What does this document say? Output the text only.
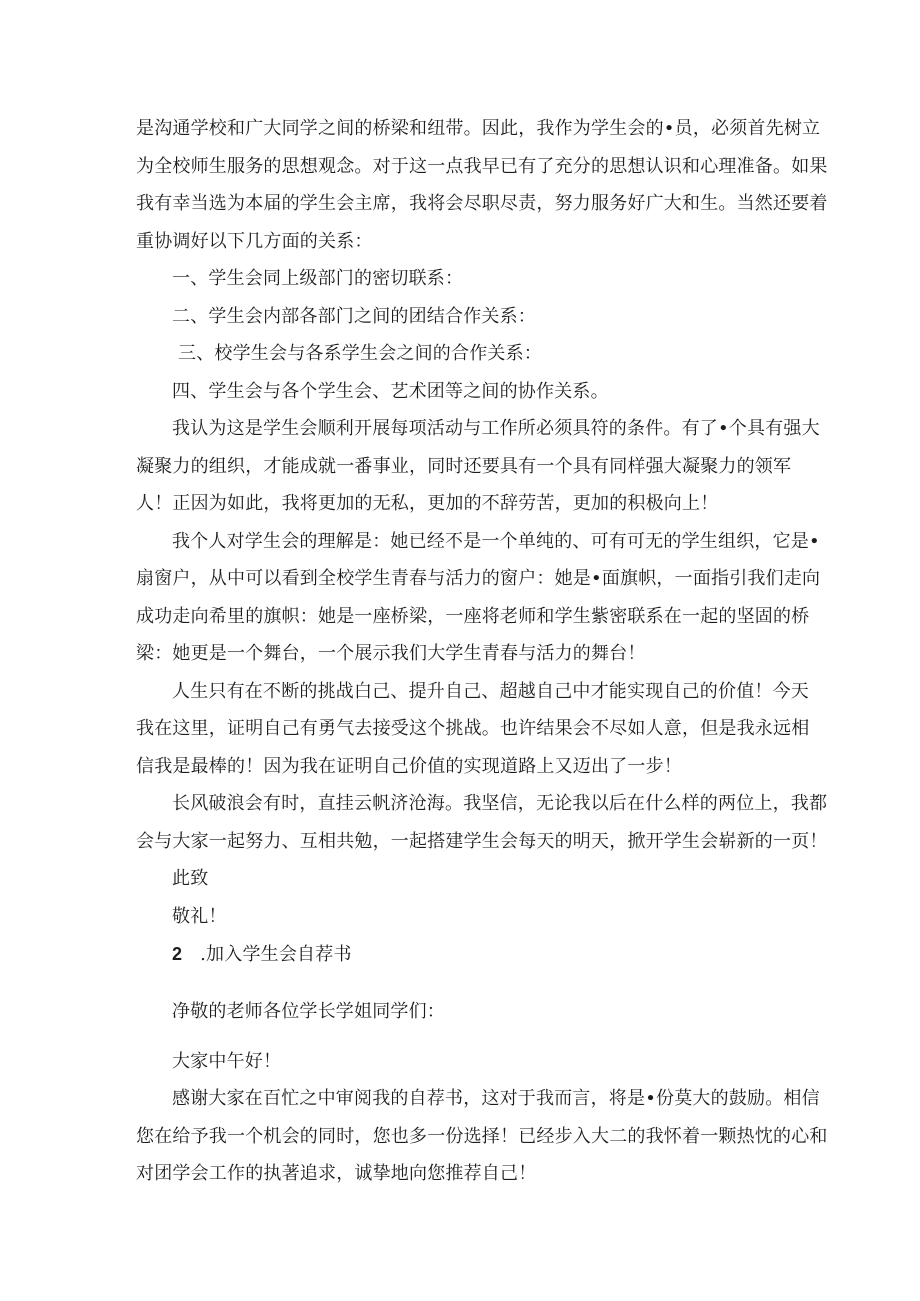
是沟通学校和广大同学之间的桥梁和纽带。因此，我作为学生会的•员，必须首先树立
为全校师生服务的思想观念。对于这一点我早已有了充分的思想认识和心理准备。如果
我有幸当选为本届的学生会主席，我将会尽职尽责，努力服务好广大和生。当然还要着
重协调好以下几方面的关系：
一、学生会同上级部门的密切联系：
二、学生会内部各部门之间的团结合作关系：
三、校学生会与各系学生会之间的合作关系：
四、学生会与各个学生会、艺术团等之间的协作关系。
我认为这是学生会顺利开展每项活动与工作所必须具符的条件。有了•个具有强大
凝聚力的组织，才能成就一番事业，同时还要具有一个具有同样强大凝聚力的领军
人！正因为如此，我将更加的无私，更加的不辞劳苦，更加的积极向上！
我个人对学生会的理解是：她已经不是一个单纯的、可有可无的学生组织，它是•
扇窗户，从中可以看到全校学生青春与活力的窗户：她是•面旗帜，一面指引我们走向
成功走向希里的旗帜：她是一座桥梁，一座将老师和学生紫密联系在一起的坚固的桥
梁：她更是一个舞台，一个展示我们大学生青春与活力的舞台！
人生只有在不断的挑战白己、提升自己、超越自己中才能实现自己的价值！今天
我在这里，证明自己有勇气去接受这个挑战。也许结果会不尽如人意，但是我永远相
信我是最棒的！因为我在证明自己价值的实现道路上又迈出了一步！
长风破浪会有时，直挂云帆济沧海。我坚信，无论我以后在什么样的两位上，我都
会与大家一起努力、互相共勉，一起搭建学生会每天的明天，掀开学生会崭新的一页！
此致
敬礼！
2 .加入学生会自荐书
净敬的老师各位学长学姐同学们：
大家中午好！
感谢大家在百忙之中审阅我的自荐书，这对于我而言，将是•份莫大的鼓励。相信
您在给予我一个机会的同时，您也多一份选择！已经步入大二的我怀着一颗热忱的心和
对团学会工作的执著追求，诚挚地向您推荐自己！
